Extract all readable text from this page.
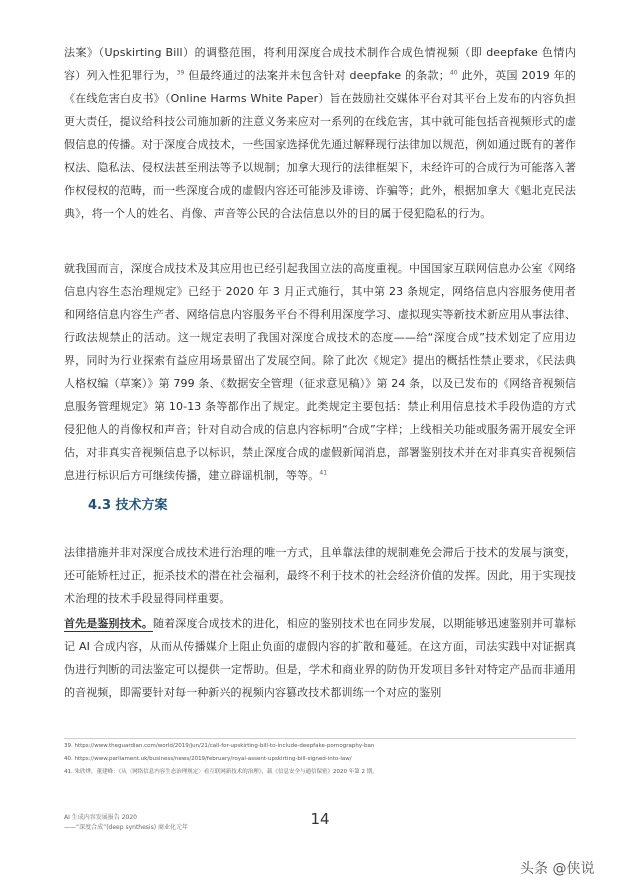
法案》（Upskirting Bill）的调整范围，将利用深度合成技术制作合成色情视频（即 deepfake 色情内容）列入性犯罪行为，$^{39}$ 但最终通过的法案并未包含针对 deepfake 的条款；$^{40}$ 此外，英国 2019 年的《在线危害白皮书》（Online Harms White Paper）旨在鼓励社交媒体平台对其平台上发布的内容负担更大责任，提议给科技公司施加新的注意义务来应对一系列的在线危害，其中就可能包括音视频形式的虚假信息的传播。对于深度合成技术，一些国家选择优先通过解释现行法律加以规范，例如通过既有的著作权法、隐私法、侵权法甚至刑法等予以规制；加拿大现行的法律框架下，未经许可的合成行为可能落入著作权侵权的范畴，而一些深度合成的虚假内容还可能涉及诽谤、诈骗等；此外，根据加拿大《魁北克民法典》，将一个人的姓名、肖像、声音等公民的合法信息以外的目的属于侵犯隐私的行为。

就我国而言，深度合成技术及其应用也已经引起我国立法的高度重视。中国国家互联网信息办公室《网络信息内容生态治理规定》已经于 2020 年 3 月正式施行，其中第 23 条规定，网络信息内容服务使用者和网络信息内容生产者、网络信息内容服务平台不得利用深度学习、虚拟现实等新技术新应用从事法律、行政法规禁止的活动。这一规定表明了我国对深度合成技术的态度——给“深度合成”技术划定了应用边界，同时为行业探索有益应用场景留出了发展空间。除了此次《规定》提出的概括性禁止要求，《民法典人格权编（草案）》第 799 条、《数据安全管理（征求意见稿）》第 24 条，以及已发布的《网络音视频信息服务管理规定》第 10-13 条等都作出了规定。此类规定主要包括：禁止利用信息技术手段伪造的方式侵犯他人的肖像权和声音；针对自动合成的信息内容标明“合成”字样；上线相关功能或服务需开展安全评估，对非真实音视频信息予以标识，禁止深度合成的虚假新闻消息，部署鉴别技术并在对非真实音视频信息进行标识后方可继续传播，建立辟谣机制，等等。$^{41}$

4.3 技术方案

法律措施并非对深度合成技术进行治理的唯一方式，且单靠法律的规制难免会滞后于技术的发展与演变，还可能矫枉过正，扼杀技术的潜在社会福利，最终不利于技术的社会经济价值的发挥。因此，用于实现技术治理的技术手段显得同样重要。

首先是鉴别技术。随着深度合成技术的进化，相应的鉴别技术也在同步发展，以期能够迅速鉴别并可靠标记 AI 合成内容，从而从传播媒介上阻止负面的虚假内容的扩散和蔓延。在这方面，司法实践中对证据真伪进行判断的司法鉴定可以提供一定帮助。但是，学术和商业界的防伪开发项目多针对特定产品而非通用的音视频，即需要针对每一种新兴的视频内容篡改技术都训练一个对应的鉴别

39. https://www.theguardian.com/world/2019/jun/21/call-for-upskirting-bill-to-include-deepfake-pornography-ban
40. https://www.parliament.uk/business/news/2019/february/royal-assent-upskirting-bill-signed-into-law/
41. 朱欣烨，董建峰：《从〈网络信息内容生态治理规定〉看互联网新技术的治理》，载《信息安全与通信保密》2020 年第 2 期。
AI 生成内容发展报告 2020
——“深度合成”(deep synthesis) 商业化元年	14
头条 @侠说
